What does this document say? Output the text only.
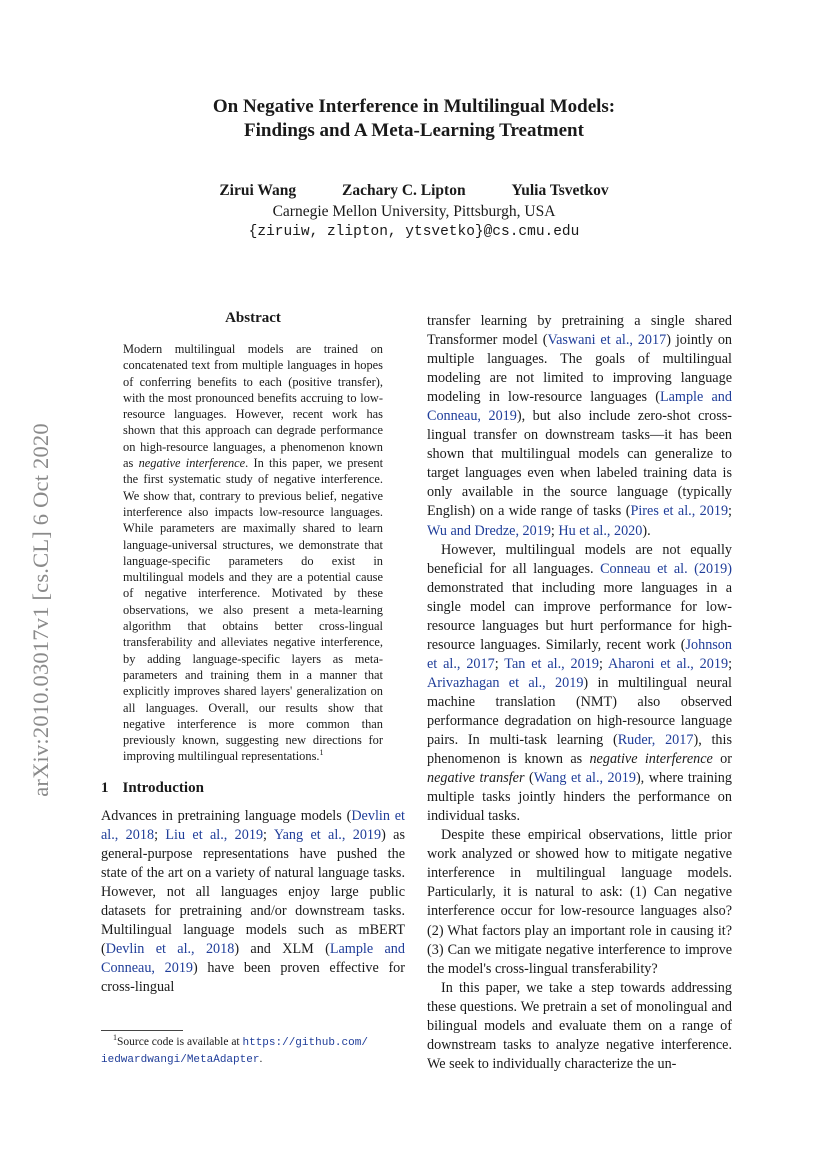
arXiv:2010.03017v1 [cs.CL] 6 Oct 2020
On Negative Interference in Multilingual Models:
Findings and A Meta-Learning Treatment
Zirui Wang	Zachary C. Lipton	Yulia Tsvetkov
Carnegie Mellon University, Pittsburgh, USA
{ziruiw, zlipton, ytsvetko}@cs.cmu.edu
Abstract
Modern multilingual models are trained on concatenated text from multiple languages in hopes of conferring benefits to each (positive transfer), with the most pronounced benefits accruing to low-resource languages. However, recent work has shown that this approach can degrade performance on high-resource languages, a phenomenon known as negative interference. In this paper, we present the first systematic study of negative interference. We show that, contrary to previous belief, negative interference also impacts low-resource languages. While parameters are maximally shared to learn language-universal structures, we demonstrate that language-specific parameters do exist in multilingual models and they are a potential cause of negative interference. Motivated by these observations, we also present a meta-learning algorithm that obtains better cross-lingual transferability and alleviates negative interference, by adding language-specific layers as meta-parameters and training them in a manner that explicitly improves shared layers' generalization on all languages. Overall, our results show that negative interference is more common than previously known, suggesting new directions for improving multilingual representations.$^1$
1 Introduction
Advances in pretraining language models (Devlin et al., 2018; Liu et al., 2019; Yang et al., 2019) as general-purpose representations have pushed the state of the art on a variety of natural language tasks. However, not all languages enjoy large public datasets for pretraining and/or downstream tasks. Multilingual language models such as mBERT (Devlin et al., 2018) and XLM (Lample and Conneau, 2019) have been proven effective for cross-lingual

transfer learning by pretraining a single shared Transformer model (Vaswani et al., 2017) jointly on multiple languages. The goals of multilingual modeling are not limited to improving language modeling in low-resource languages (Lample and Conneau, 2019), but also include zero-shot cross-lingual transfer on downstream tasks—it has been shown that multilingual models can generalize to target languages even when labeled training data is only available in the source language (typically English) on a wide range of tasks (Pires et al., 2019; Wu and Dredze, 2019; Hu et al., 2020).

However, multilingual models are not equally beneficial for all languages. Conneau et al. (2019) demonstrated that including more languages in a single model can improve performance for low-resource languages but hurt performance for high-resource languages. Similarly, recent work (Johnson et al., 2017; Tan et al., 2019; Aharoni et al., 2019; Arivazhagan et al., 2019) in multilingual neural machine translation (NMT) also observed performance degradation on high-resource language pairs. In multi-task learning (Ruder, 2017), this phenomenon is known as negative interference or negative transfer (Wang et al., 2019), where training multiple tasks jointly hinders the performance on individual tasks.

Despite these empirical observations, little prior work analyzed or showed how to mitigate negative interference in multilingual language models. Particularly, it is natural to ask: (1) Can negative interference occur for low-resource languages also? (2) What factors play an important role in causing it? (3) Can we mitigate negative interference to improve the model's cross-lingual transferability?

In this paper, we take a step towards addressing these questions. We pretrain a set of monolingual and bilingual models and evaluate them on a range of downstream tasks to analyze negative interference. We seek to individually characterize the un-

$^1$Source code is available at https://github.com/ iedwardwangi/MetaAdapter.
